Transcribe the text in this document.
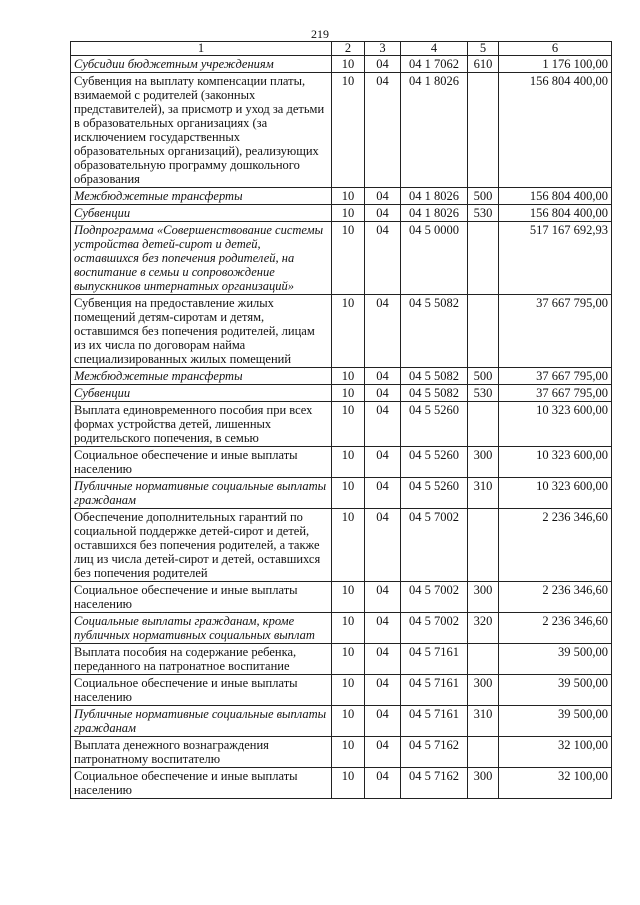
219
1	2	3	4	5	6
Субсидии бюджетным учреждениям	10	04	04 1 7062	610	1 176 100,00
Субвенция на выплату компенсации платы, взимаемой с родителей (законных представителей), за присмотр и уход за детьми в образовательных организациях (за исключением государственных образовательных организаций), реализующих образовательную программу дошкольного образования	10	04	04 1 8026		156 804 400,00
Межбюджетные трансферты	10	04	04 1 8026	500	156 804 400,00
Субвенции	10	04	04 1 8026	530	156 804 400,00
Подпрограмма «Совершенствование системы устройства детей-сирот и детей, оставшихся без попечения родителей, на воспитание в семьи и сопровождение выпускников интернатных организаций»	10	04	04 5 0000		517 167 692,93
Субвенция на предоставление жилых помещений детям-сиротам и детям, оставшимся без попечения родителей, лицам из их числа по договорам найма специализированных жилых помещений	10	04	04 5 5082		37 667 795,00
Межбюджетные трансферты	10	04	04 5 5082	500	37 667 795,00
Субвенции	10	04	04 5 5082	530	37 667 795,00
Выплата единовременного пособия при всех формах устройства детей, лишенных родительского попечения, в семью	10	04	04 5 5260		10 323 600,00
Социальное обеспечение и иные выплаты населению	10	04	04 5 5260	300	10 323 600,00
Публичные нормативные социальные выплаты гражданам	10	04	04 5 5260	310	10 323 600,00
Обеспечение дополнительных гарантий по социальной поддержке детей-сирот и детей, оставшихся без попечения родителей, а также лиц из числа детей-сирот и детей, оставшихся без попечения родителей	10	04	04 5 7002		2 236 346,60
Социальное обеспечение и иные выплаты населению	10	04	04 5 7002	300	2 236 346,60
Социальные выплаты гражданам, кроме публичных нормативных социальных выплат	10	04	04 5 7002	320	2 236 346,60
Выплата пособия на содержание ребенка, переданного на патронатное воспитание	10	04	04 5 7161		39 500,00
Социальное обеспечение и иные выплаты населению	10	04	04 5 7161	300	39 500,00
Публичные нормативные социальные выплаты гражданам	10	04	04 5 7161	310	39 500,00
Выплата денежного вознаграждения патронатному воспитателю	10	04	04 5 7162		32 100,00
Социальное обеспечение и иные выплаты населению	10	04	04 5 7162	300	32 100,00
